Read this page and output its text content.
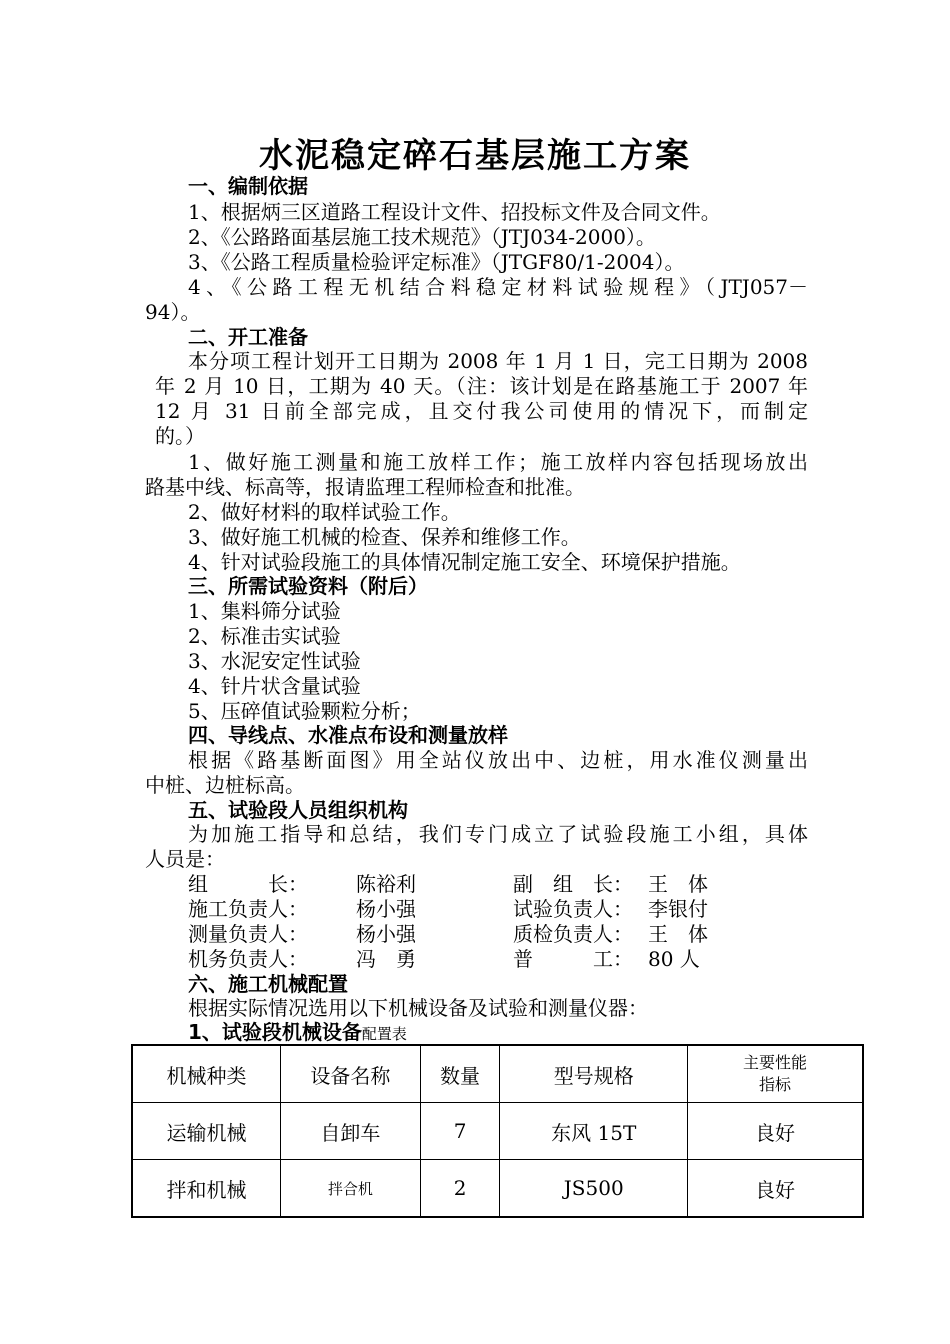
水泥稳定碎石基层施工方案
一、编制依据
1、根据炳三区道路工程设计文件、招投标文件及合同文件。
2、《公路路面基层施工技术规范》（JTJ034-2000）。
3、《公路工程质量检验评定标准》（JTGF80/1-2004）。
4、《公路工程无机结合料稳定材料试验规程》（JTJ057－
94）。
二、开工准备
本分项工程计划开工日期为 2008 年 1 月 1 日，完工日期为 2008
年 2 月 10 日，工期为 40 天。（注：该计划是在路基施工于 2007 年
12 月 31 日前全部完成，且交付我公司使用的情况下，而制定
的。）
1、做好施工测量和施工放样工作；施工放样内容包括现场放出
路基中线、标高等，报请监理工程师检查和批准。
2、做好材料的取样试验工作。
3、做好施工机械的检查、保养和维修工作。
4、针对试验段施工的具体情况制定施工安全、环境保护措施。
三、所需试验资料（附后）
1、集料筛分试验
2、标准击实试验
3、水泥安定性试验
4、针片状含量试验
5、压碎值试验颗粒分析；
四、导线点、水准点布设和测量放样
根据《路基断面图》用全站仪放出中、边桩，用水准仪测量出
中桩、边桩标高。
五、试验段人员组织机构
为加施工指导和总结，我们专门成立了试验段施工小组，具体
人员是：
组　　　长： 陈裕利	副　组　长： 王　体
施工负责人： 杨小强	试验负责人： 李银付
测量负责人： 杨小强	质检负责人： 王　体
机务负责人： 冯　勇	普　　　工： 80 人
六、施工机械配置
根据实际情况选用以下机械设备及试验和测量仪器：
1、试验段机械设备配置表
机械种类	设备名称	数量	型号规格	主要性能
指标
运输机械	自卸车	7	东风 15T	良好
拌和机械	拌合机	2	JS500	良好
